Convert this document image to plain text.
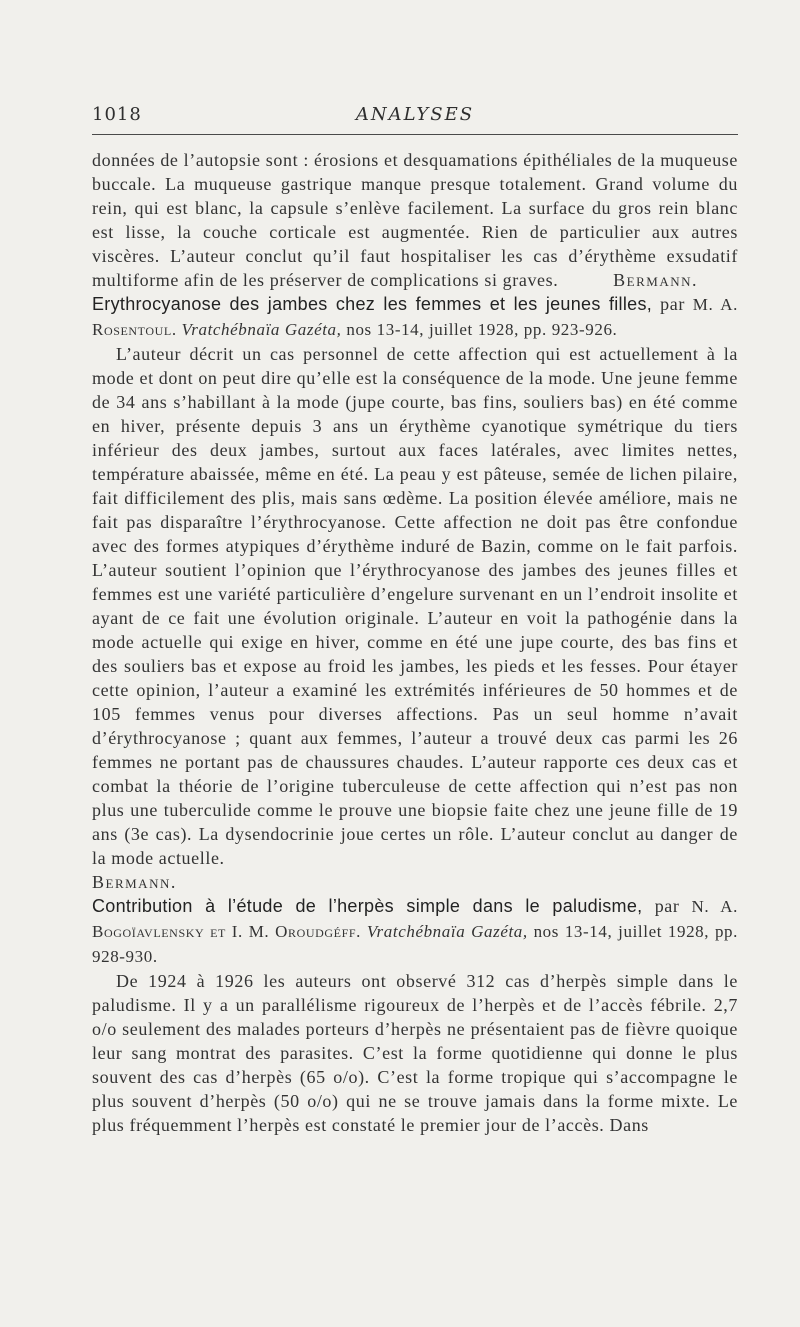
1018	ANALYSES

données de l’autopsie sont : érosions et desquamations épithéliales de la muqueuse buccale. La muqueuse gastrique manque presque totalement. Grand volume du rein, qui est blanc, la capsule s’enlève facilement. La surface du gros rein blanc est lisse, la couche corticale est augmentée. Rien de particulier aux autres viscères. L’auteur conclut qu’il faut hospitaliser les cas d’érythème exsudatif multiforme afin de les préserver de complications si graves.	Bermann.

Erythrocyanose des jambes chez les femmes et les jeunes filles, par M. A. Rosentoul. Vratchébnaïa Gazéta, nos 13-14, juillet 1928, pp. 923-926.

L’auteur décrit un cas personnel de cette affection qui est actuellement à la mode et dont on peut dire qu’elle est la conséquence de la mode. Une jeune femme de 34 ans s’habillant à la mode (jupe courte, bas fins, souliers bas) en été comme en hiver, présente depuis 3 ans un érythème cyanotique symétrique du tiers inférieur des deux jambes, surtout aux faces latérales, avec limites nettes, température abaissée, même en été. La peau y est pâteuse, semée de lichen pilaire, fait difficilement des plis, mais sans œdème. La position élevée améliore, mais ne fait pas disparaître l’érythrocyanose. Cette affection ne doit pas être confondue avec des formes atypiques d’érythème induré de Bazin, comme on le fait parfois. L’auteur soutient l’opinion que l’érythrocyanose des jambes des jeunes filles et femmes est une variété particulière d’engelure survenant en un l’endroit insolite et ayant de ce fait une évolution originale. L’auteur en voit la pathogénie dans la mode actuelle qui exige en hiver, comme en été une jupe courte, des bas fins et des souliers bas et expose au froid les jambes, les pieds et les fesses. Pour étayer cette opinion, l’auteur a examiné les extrémités inférieures de 50 hommes et de 105 femmes venus pour diverses affections. Pas un seul homme n’avait d’érythrocyanose ; quant aux femmes, l’auteur a trouvé deux cas parmi les 26 femmes ne portant pas de chaussures chaudes. L’auteur rapporte ces deux cas et combat la théorie de l’origine tuberculeuse de cette affection qui n’est pas non plus une tuberculide comme le prouve une biopsie faite chez une jeune fille de 19 ans (3e cas). La dysendocrinie joue certes un rôle. L’auteur conclut au danger de la mode actuelle.

Bermann.

Contribution à l’étude de l’herpès simple dans le paludisme, par N. A. Bogoïavlensky et I. M. Oroudgéff. Vratchébnaïa Gazéta, nos 13-14, juillet 1928, pp. 928-930.

De 1924 à 1926 les auteurs ont observé 312 cas d’herpès simple dans le paludisme. Il y a un parallélisme rigoureux de l’herpès et de l’accès fébrile. 2,7 o/o seulement des malades porteurs d’herpès ne présentaient pas de fièvre quoique leur sang montrat des parasites. C’est la forme quotidienne qui donne le plus souvent des cas d’herpès (65 o/o). C’est la forme tropique qui s’accompagne le plus souvent d’herpès (50 o/o) qui ne se trouve jamais dans la forme mixte. Le plus fréquemment l’herpès est constaté le premier jour de l’accès. Dans
